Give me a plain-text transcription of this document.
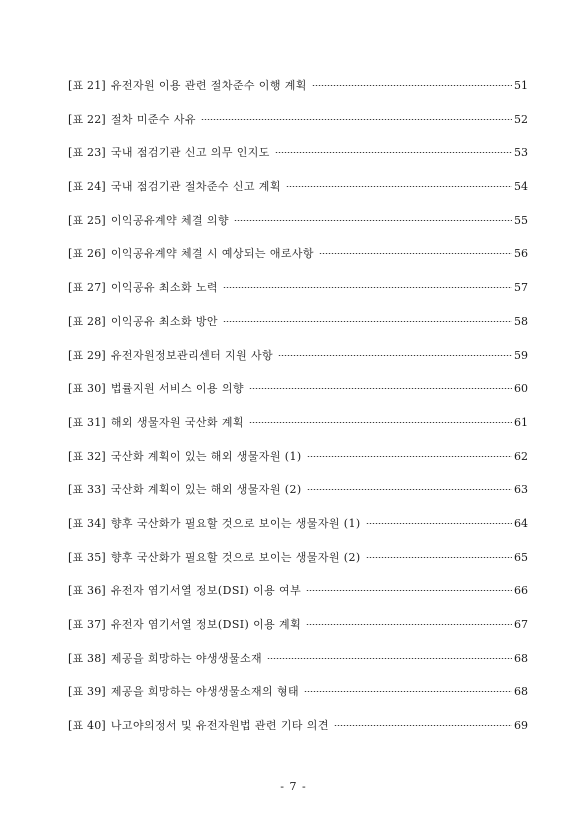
[표 21] 유전자원 이용 관련 절차준수 이행 계획	51
[표 22] 절차 미준수 사유	52
[표 23] 국내 점검기관 신고 의무 인지도	53
[표 24] 국내 점검기관 절차준수 신고 계획	54
[표 25] 이익공유계약 체결 의향	55
[표 26] 이익공유계약 체결 시 예상되는 애로사항	56
[표 27] 이익공유 최소화 노력	57
[표 28] 이익공유 최소화 방안	58
[표 29] 유전자원정보관리센터 지원 사항	59
[표 30] 법률지원 서비스 이용 의향	60
[표 31] 해외 생물자원 국산화 계획	61
[표 32] 국산화 계획이 있는 해외 생물자원 (1)	62
[표 33] 국산화 계획이 있는 해외 생물자원 (2)	63
[표 34] 향후 국산화가 필요할 것으로 보이는 생물자원 (1)	64
[표 35] 향후 국산화가 필요할 것으로 보이는 생물자원 (2)	65
[표 36] 유전자 염기서열 정보(DSI) 이용 여부	66
[표 37] 유전자 염기서열 정보(DSI) 이용 계획	67
[표 38] 제공을 희망하는 야생생물소재	68
[표 39] 제공을 희망하는 야생생물소재의 형태	68
[표 40] 나고야의정서 및 유전자원법 관련 기타 의견	69
- 7 -
